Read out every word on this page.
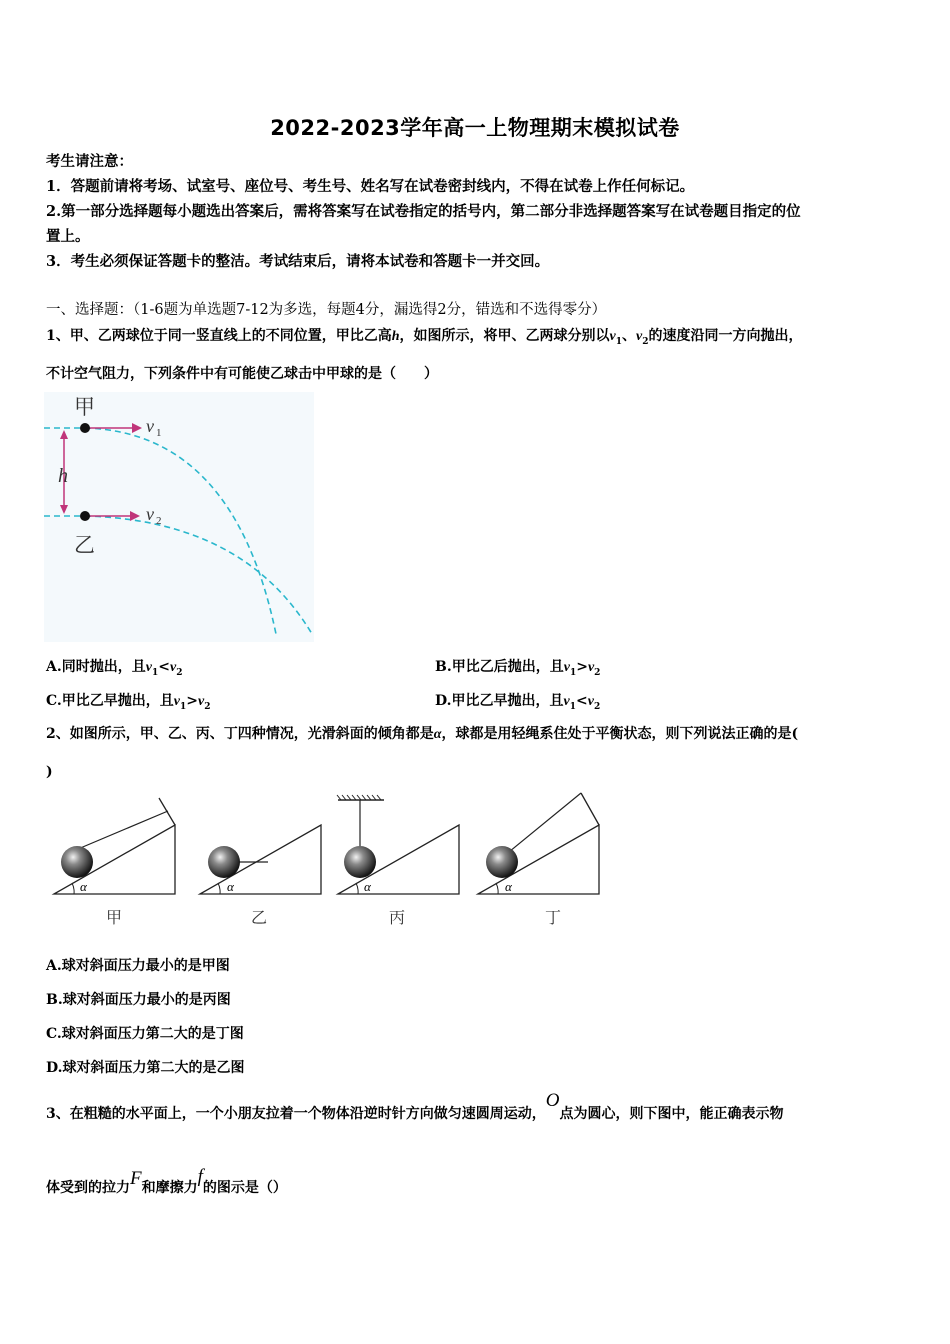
2022-2023学年高一上物理期末模拟试卷
考生请注意：
1．答题前请将考场、试室号、座位号、考生号、姓名写在试卷密封线内，不得在试卷上作任何标记。
2.第一部分选择题每小题选出答案后，需将答案写在试卷指定的括号内，第二部分非选择题答案写在试卷题目指定的位
置上。
3．考生必须保证答题卡的整洁。考试结束后，请将本试卷和答题卡一并交回。
一、选择题：（1-6题为单选题7-12为多选，每题4分，漏选得2分，错选和不选得零分）
1、甲、乙两球位于同一竖直线上的不同位置，甲比乙高h，如图所示，将甲、乙两球分别以$v_1$、$v_2$的速度沿同一方向抛出，
不计空气阻力，下列条件中有可能使乙球击中甲球的是（　　）
甲
乙
h
v 1
v 2
A.同时抛出，且$v_1<v_2$	B.甲比乙后抛出，且$v_1>v_2$
C.甲比乙早抛出，且$v_1>v_2$	D.甲比乙早抛出，且$v_1<v_2$
2、如图所示，甲、乙、丙、丁四种情况，光滑斜面的倾角都是α，球都是用轻绳系住处于平衡状态，则下列说法正确的是(
)
α
甲
α
乙
α
丙
α
丁
A.球对斜面压力最小的是甲图
B.球对斜面压力最小的是丙图
C.球对斜面压力第二大的是丁图
D.球对斜面压力第二大的是乙图
3、在粗糙的水平面上，一个小朋友拉着一个物体沿逆时针方向做匀速圆周运动，O点为圆心，则下图中，能正确表示物
体受到的拉力F和摩擦力f的图示是（）
